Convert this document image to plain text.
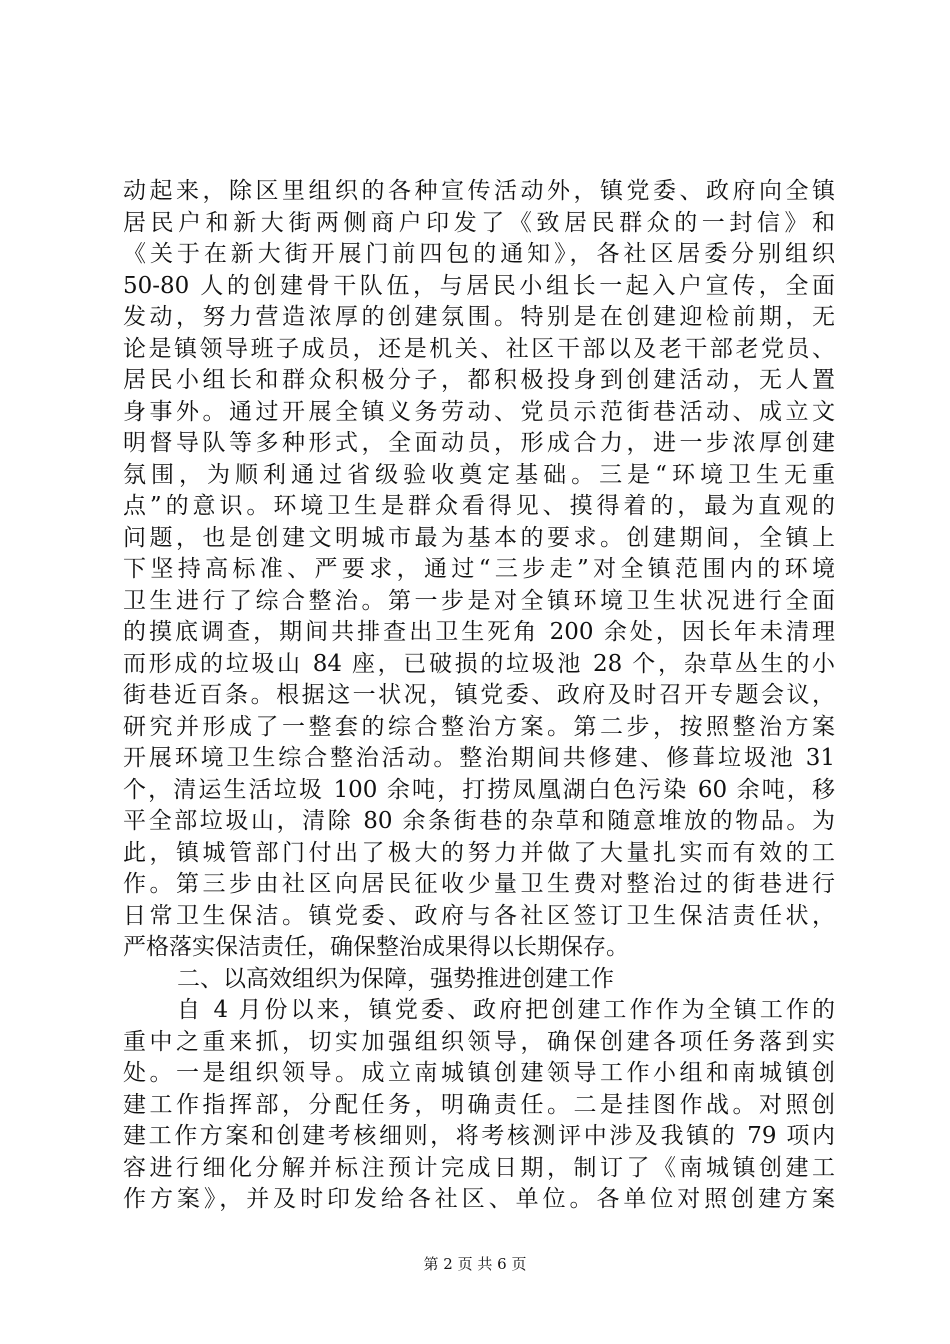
动起来，除区里组织的各种宣传活动外，镇党委、政府向全镇
居民户和新大街两侧商户印发了《致居民群众的一封信》和
《关于在新大街开展门前四包的通知》，各社区居委分别组织
50-80 人的创建骨干队伍，与居民小组长一起入户宣传，全面
发动，努力营造浓厚的创建氛围。特别是在创建迎检前期，无
论是镇领导班子成员，还是机关、社区干部以及老干部老党员、
居民小组长和群众积极分子，都积极投身到创建活动，无人置
身事外。通过开展全镇义务劳动、党员示范街巷活动、成立文
明督导队等多种形式，全面动员，形成合力，进一步浓厚创建
氛围，为顺利通过省级验收奠定基础。三是“环境卫生无重
点”的意识。环境卫生是群众看得见、摸得着的，最为直观的
问题，也是创建文明城市最为基本的要求。创建期间，全镇上
下坚持高标准、严要求，通过“三步走”对全镇范围内的环境
卫生进行了综合整治。第一步是对全镇环境卫生状况进行全面
的摸底调查，期间共排查出卫生死角 200 余处，因长年未清理
而形成的垃圾山 84 座，已破损的垃圾池 28 个，杂草丛生的小
街巷近百条。根据这一状况，镇党委、政府及时召开专题会议，
研究并形成了一整套的综合整治方案。第二步，按照整治方案
开展环境卫生综合整治活动。整治期间共修建、修葺垃圾池 31
个，清运生活垃圾 100 余吨，打捞凤凰湖白色污染 60 余吨，移
平全部垃圾山，清除 80 余条街巷的杂草和随意堆放的物品。为
此，镇城管部门付出了极大的努力并做了大量扎实而有效的工
作。第三步由社区向居民征收少量卫生费对整治过的街巷进行
日常卫生保洁。镇党委、政府与各社区签订卫生保洁责任状，
严格落实保洁责任，确保整治成果得以长期保存。
二、以高效组织为保障，强势推进创建工作
自 4 月份以来，镇党委、政府把创建工作作为全镇工作的
重中之重来抓，切实加强组织领导，确保创建各项任务落到实
处。一是组织领导。成立南城镇创建领导工作小组和南城镇创
建工作指挥部，分配任务，明确责任。二是挂图作战。对照创
建工作方案和创建考核细则，将考核测评中涉及我镇的 79 项内
容进行细化分解并标注预计完成日期，制订了《南城镇创建工
作方案》，并及时印发给各社区、单位。各单位对照创建方案
第 2 页 共 6 页
